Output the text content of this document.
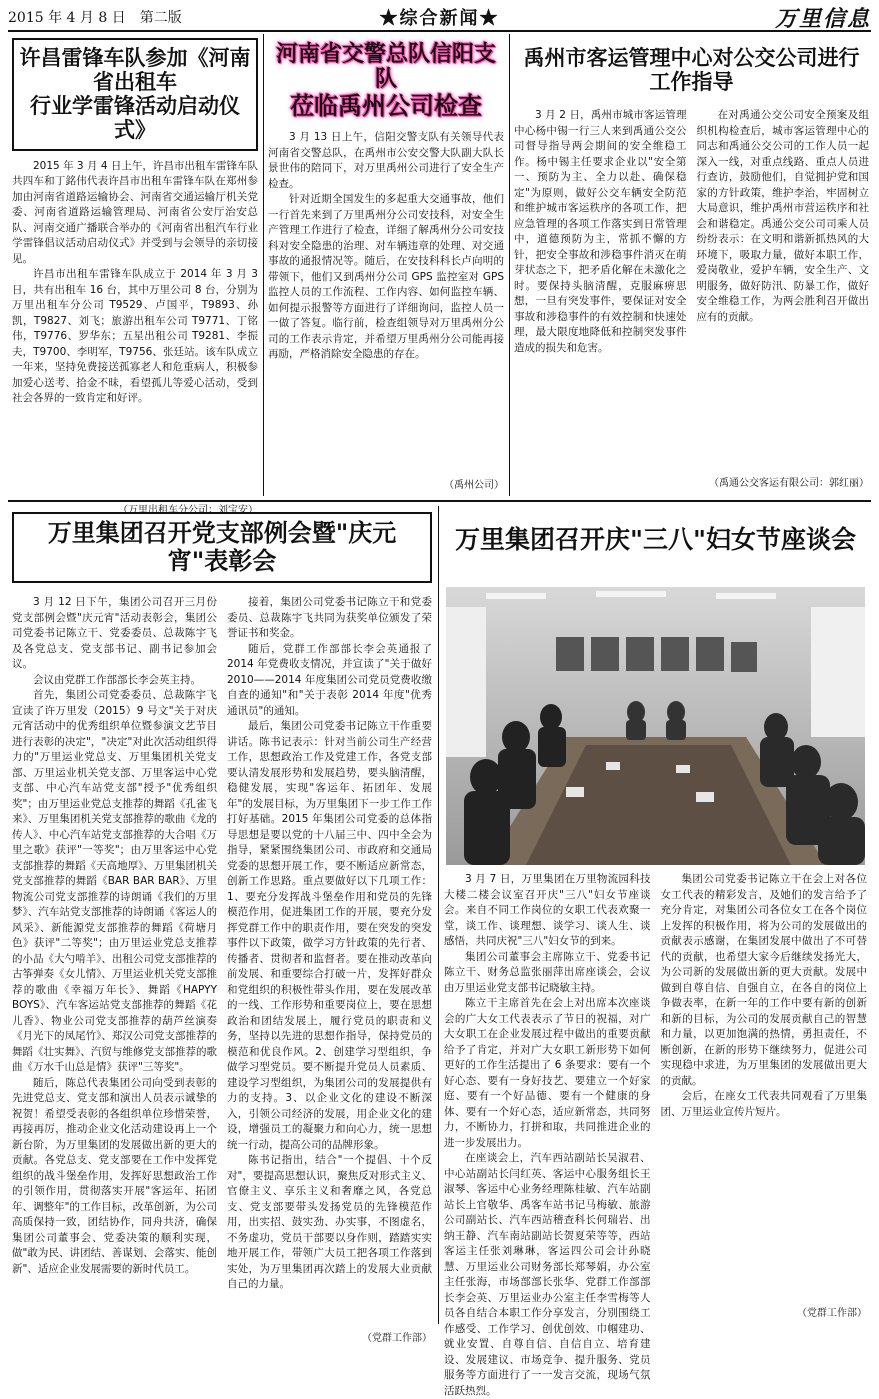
2015 年 4 月 8 日　第二版	★综合新闻★	万里信息
许昌雷锋车队参加《河南省出租车
行业学雷锋活动启动仪式》

2015 年 3 月 4 日上午，许昌市出租车雷锋车队共四车和丁銘伟代表许昌市出租车雷锋车队在郑州参加由河南省道路运输协会、河南省交通运输厅机关党委、河南省道路运输管理局、河南省公安厅治安总队、河南交通广播联合举办的《河南省出租汽车行业学雷锋倡议活动启动仪式》并受到与会领导的亲切接见。

许昌市出租车雷锋车队成立于 2014 年 3 月 3 日，共有出租车 16 台，其中万里公司 8 台，分别为万里出租车分公司 T9529、卢国平，T9893、孙凯，T9827、刘飞；旅游出租车公司 T9771、丁铭伟，T9776、罗华东；五星出租公司 T9281、李振夫，T9700、李明军，T9756、张廷站。该车队成立一年来，坚持免费接送孤寡老人和危重病人，积极参加爱心送考、拾金不昧，看望孤儿等爱心活动，受到社会各界的一致肯定和好评。

（万里出租车分公司：刘宝安）
河南省交警总队信阳支队
莅临禹州公司检查

3 月 13 日上午，信阳交警支队有关领导代表河南省交警总队，在禹州市公安交警大队副大队长景世伟的陪同下，对万里禹州公司进行了安全生产检查。

针对近期全国发生的多起重大交通事故，他们一行首先来到了万里禹州分公司安技科，对安全生产管理工作进行了检查，详细了解禹州分公司安技科对安全隐患的治理、对车辆违章的处理、对交通事故的通报情况等。随后，在安技科科长卢向明的带领下，他们又到禹州分公司 GPS 监控室对 GPS 监控人员的工作流程、工作内容、如何监控车辆、如何提示报警等方面进行了详细询问，监控人员一一做了答复。临行前，检查组领导对万里禹州分公司的工作表示肯定，并希望万里禹州分公司能再接再励，严格消除安全隐患的存在。

（禹州公司）
禹州市客运管理中心对公交公司进行工作指导

3 月 2 日，禹州市城市客运管理中心杨中锡一行三人来到禹通公交公司督导指导两会期间的安全维稳工作。杨中锡主任要求企业以"安全第一、预防为主、全力以赴、确保稳定"为原则，做好公交车辆安全防范和维护城市客运秩序的各项工作，把应急管理的各项工作落实到日常管理中，道德预防为主，常抓不懈的方针，把安全事故和涉稳事件消灭在萌芽状态之下，把矛盾化解在未激化之时。要保持头脑清醒，克服麻痹思想，一旦有突发事件，要保证对安全事故和涉稳事件的有效控制和快速处理，最大限度地降低和控制突发事件造成的损失和危害。

在对禹通公交公司安全预案及组织机构检查后，城市客运管理中心的同志和禹通公交公司的工作人员一起深入一线，对重点线路、重点人员进行查访，鼓励他们，自觉拥护党和国家的方针政策，维护李治，牢固树立大局意识，维护禹州市营运秩序和社会和谐稳定。禹通公交公司司乘人员纷纷表示：在文明和谐新抓热风的大环境下，吸取力量，做好本职工作，爱岗敬业，爱护车辆，安全生产、文明服务，做好防汛、防暴工作，做好安全维稳工作，为两会胜利召开做出应有的贡献。

（禹通公交客运有限公司：郭红丽）
万里集团召开党支部例会暨"庆元宵"表彰会

3 月 12 日下午，集团公司召开三月份党支部例会暨"庆元宵"活动表彰会，集团公司党委书记陈立干、党委委员、总裁陈宇飞及各党总支、党支部书记、副书记参加会议。

会议由党群工作部部长李会英主持。

首先，集团公司党委委员、总裁陈宇飞宣读了许万里发（2015）9 号文"关于对庆元宵活动中的优秀组织单位暨参演文艺节目进行表彰的决定"，"决定"对此次活动组织得力的"万里运业党总支、万里集团机关党支部、万里运业机关党支部、万里客运中心党支部、中心汽车站党支部"授予"优秀组织奖"；由万里运业党总支推荐的舞蹈《孔雀飞来》、万里集团机关党支部推荐的歌曲《龙的传人》、中心汽车站党支部推荐的大合唱《万里之歌》获评"一等奖"；由万里客运中心党支部推荐的舞蹈《天高地厚》、万里集团机关党支部推荐的舞蹈《BAR BAR BAR》、万里物流公司党支部推荐的诗朗诵《我们的万里梦》、汽车站党支部推荐的诗朗诵《客运人的风采》、新能源党支部推荐的舞蹈《荷塘月色》获评"二等奖"；由万里运业党总支推荐的小品《大勺啃羊》、出租公司党支部推荐的古筝弹奏《女儿情》、万里运业机关党支部推荐的歌曲《幸福万年长》、舞蹈《HAPYY BOYS》、汽车客运站党支部推荐的舞蹈《花儿香》、物业公司党支部推荐的葫芦丝演奏《月光下的凤尾竹》、郑汉公司党支部推荐的舞蹈《壮实舞》、汽贸与维修党支部推荐的歌曲《万水千山总是情》获评"三等奖"。

随后，陈总代表集团公司向受到表彰的先进党总支、党支部和演出人员表示诚挚的祝贺！希望受表彰的各组织单位珍惜荣誉，再接再厉，推动企业文化活动建设再上一个新台阶，为万里集团的发展做出新的更大的贡献。各党总支、党支部要在工作中发挥党组织的战斗堡垒作用，发挥好思想政治工作的引领作用，贯彻落实开展"客运年、拓团年、调整年"的工作目标，改革创新，为公司高质保持一致，团结协作，同舟共济，确保集团公司董事会、党委决策的顺利实现，做"敢为民、讲团结、善谋划、会落实、能创新"、适应企业发展需要的新时代员工。

接着，集团公司党委书记陈立干和党委委员、总裁陈宇飞共同为获奖单位颁发了荣誉证书和奖金。

随后，党群工作部部长李会英通报了 2014 年党费收支情况，并宣读了"关于做好 2010——2014 年度集团公司党员党费收缴自查的通知"和"关于表彰 2014 年度"优秀通讯员"的通知。

最后，集团公司党委书记陈立干作重要讲话。陈书记表示：针对当前公司生产经营工作，思想政治工作及党建工作，各党支部要认清发展形势和发展趋势，要头脑清醒，稳健发展，实现"客运年、拓团年、发展年"的发展目标，为万里集团下一步工作工作打好基础。2015 年集团公司党委的总体指导思想是要以党的十八届三中、四中全会为指导，紧紧围绕集团公司、市政府和交通局党委的思想开展工作，要不断适应新常态，创新工作思路。重点要做好以下几项工作：1、要充分发挥战斗堡垒作用和党员的先锋模范作用，促进集团工作的开展，要充分发挥党群工作中的职责作用，要在突发的突发事件以下政策，做学习方针政策的先行者、传播者、贯彻者和监督者。要在推动改革向前发展、和重要综合打破一片，发挥好群众和党组织的积极性带头作用，要在发展改革的一线、工作形势和重要岗位上，要在思想政治和团结发展上，履行党员的职责和义务，坚持以先进的思想作指导，保持党员的模范和优良作风。2、创建学习型组织，争做学习型党员。要不断提升党员人员素质、建设学习型组织，为集团公司的发展提供有力的支持。3、以企业文化的建设不断深入，引领公司经济的发展，用企业文化的建设，增强员工的凝聚力和向心力，统一思想统一行动，提高公司的品牌形象。

陈书记指出，结合"一个提倡、十个反对"，要提高思想认识，聚焦反对形式主义、官僚主义、享乐主义和奢靡之风，各党总支、党支部要带头发扬党员的先锋模范作用，出实招、鼓实劲、办实事，不图虚名，不务虚功，党员干部要以身作则，踏踏实实地开展工作，带领广大员工把各项工作落到实处，为万里集团再次踏上的发展大业贡献自己的力量。

（党群工作部）
万里集团召开庆"三八"妇女节座谈会

3 月 7 日，万里集团在万里物流园科技大楼二楼会议室召开庆"三八"妇女节座谈会。来自不同工作岗位的女职工代表欢聚一堂，谈工作、谈理想、谈学习、谈人生、谈感悟，共同庆祝"三八"妇女节的到来。

集团公司董事会主席陈立干、党委书记陈立干、财务总监张丽萍出席座谈会，会议由万里运业党支部书记晓敏主持。

陈立干主席首先在会上对出席本次座谈会的广大女工代表表示了节日的祝福，对广大女职工在企业发展过程中做出的重要贡献给予了肯定，并对广大女职工新形势下如何更好的工作生活提出了 6 条要求：要有一个好心态、要有一身好技艺、要建立一个好家庭、要有一个好品德、要有一个健康的身体、要有一个好心态，适应新常态，共同努力，不断协力，打拼和取，共同推进企业的进一步发展出力。

在座谈会上，汽车西站副站长吴淑君、中心站副站长闫红英、客运中心服务组长王淑琴、客运中心业务经理陈桂敏、汽车站副站长上官敬华、禹客车站书记马梅敏、旅游公司副站长、汽车西站稽查科长何瑞岩、出纳王静、汽车南站副站长贺夏荣等等，西站客运主任张刘琳琳，客运四公司会计孙晓慧、万里运业公司财务部长郑琴娟，办公室主任张海，市场部部长张华、党群工作部部长李会英、万里运业办公室主任李雪梅等人员各自结合本职工作分享发言，分别围绕工作感受、工作学习、创优创效、巾帼建功、就业安置、自尊自信、自信自立、培育建设、发展建议、市场竞争、提升服务、党员服务等方面进行了一一发言交流，现场气氛活跃热烈。

集团公司党委书记陈立干在会上对各位女工代表的精彩发言，及她们的发言给予了充分肯定，对集团公司各位女工在各个岗位上发挥的积极作用，将为公司的发展做出的贡献表示感谢，在集团发展中做出了不可替代的贡献，也希望大家今后继续发扬光大，为公司新的发展做出新的更大贡献。发展中做到自尊自信、自强自立，在各自的岗位上争做表率，在新一年的工作中要有新的创新和新的目标，为公司的发展贡献自己的智慧和力量，以更加饱满的热情，勇担责任，不断创新，在新的形势下继续努力，促进公司实现稳中求进，为万里集团的发展做出更大的贡献。

会后，在座女工代表共同观看了万里集团、万里运业宣传片短片。

（党群工作部）
